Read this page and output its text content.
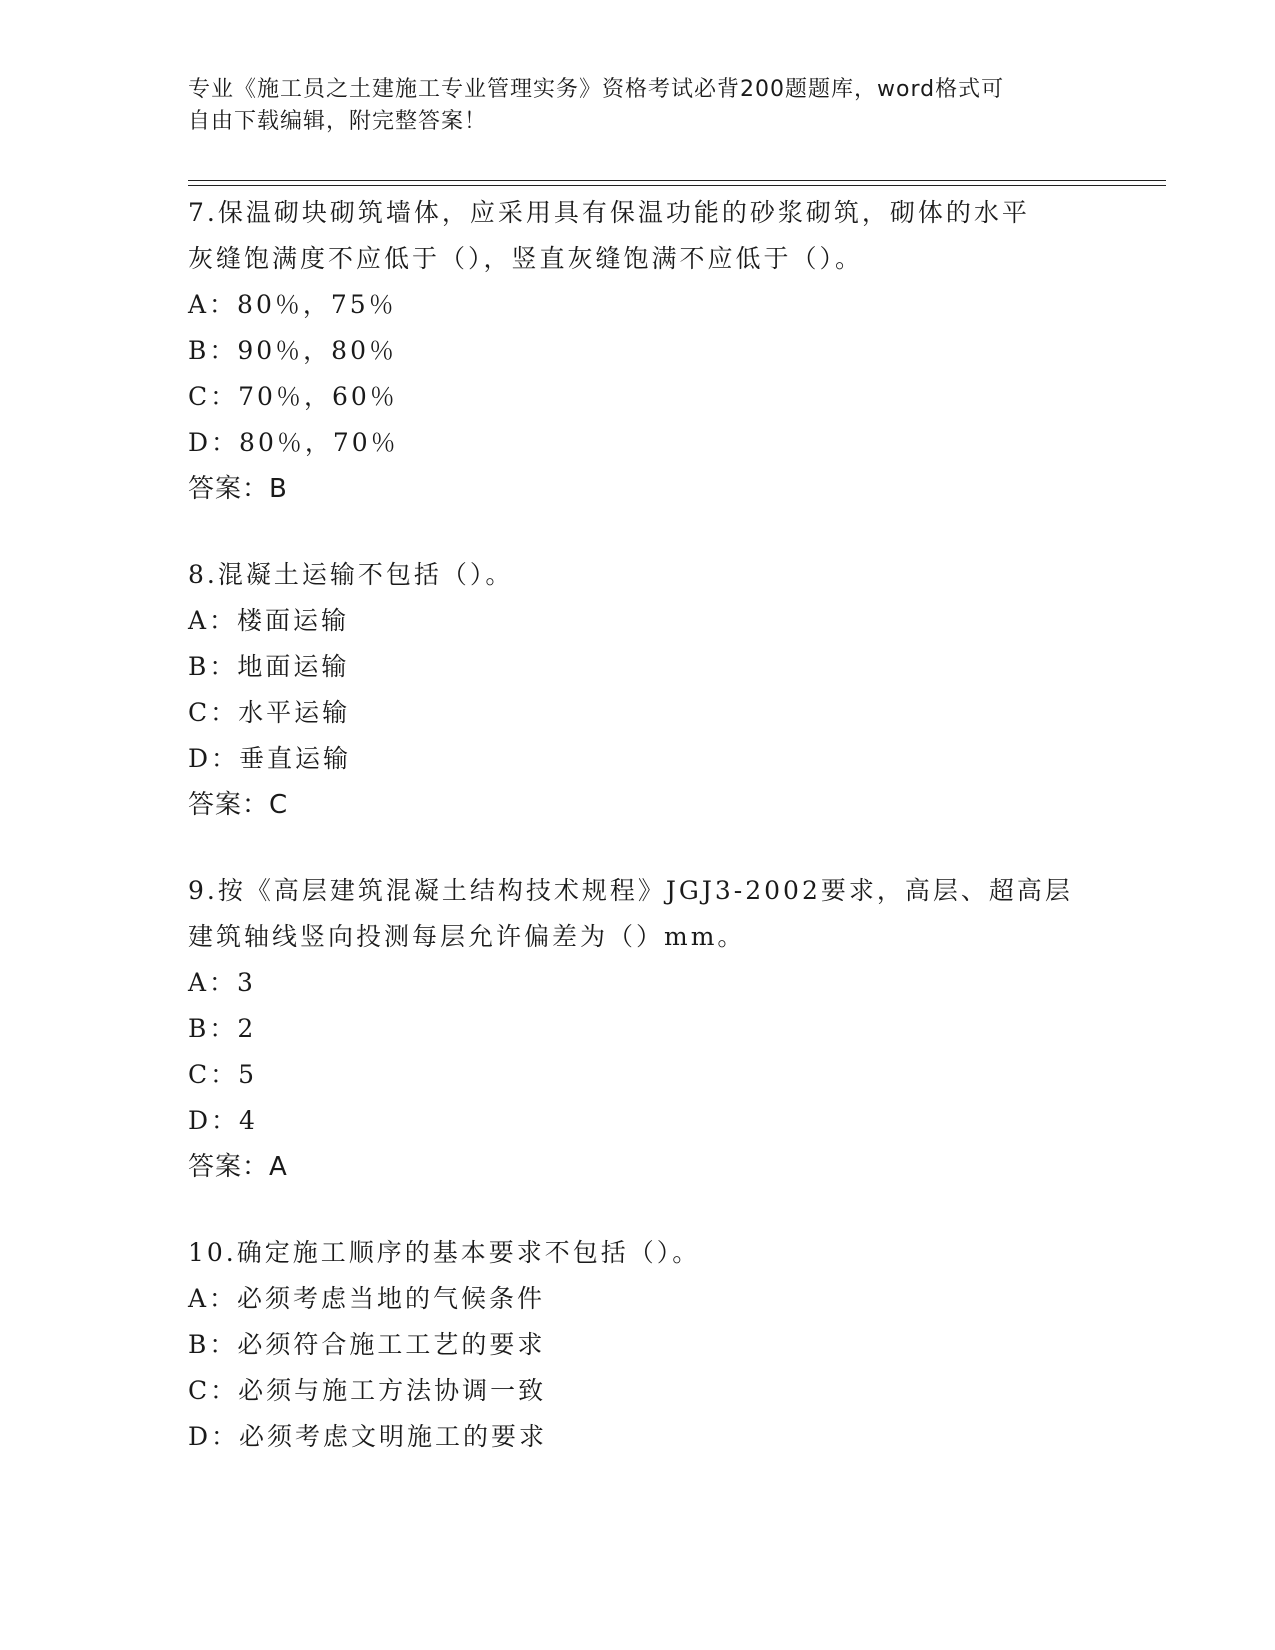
专业《施工员之土建施工专业管理实务》资格考试必背200题题库，word格式可
自由下载编辑，附完整答案！

7.保温砌块砌筑墙体，应采用具有保温功能的砂浆砌筑，砌体的水平

灰缝饱满度不应低于（），竖直灰缝饱满不应低于（）。

A：80％，75％

B：90％，80％

C：70％，60％

D：80％，70％

答案：B

8.混凝土运输不包括（）。

A：楼面运输

B：地面运输

C：水平运输

D：垂直运输

答案：C

9.按《高层建筑混凝土结构技术规程》JGJ3-2002要求，高层、超高层

建筑轴线竖向投测每层允许偏差为（）mm。

A：3

B：2

C：5

D：4

答案：A

10.确定施工顺序的基本要求不包括（）。

A：必须考虑当地的气候条件

B：必须符合施工工艺的要求

C：必须与施工方法协调一致

D：必须考虑文明施工的要求
